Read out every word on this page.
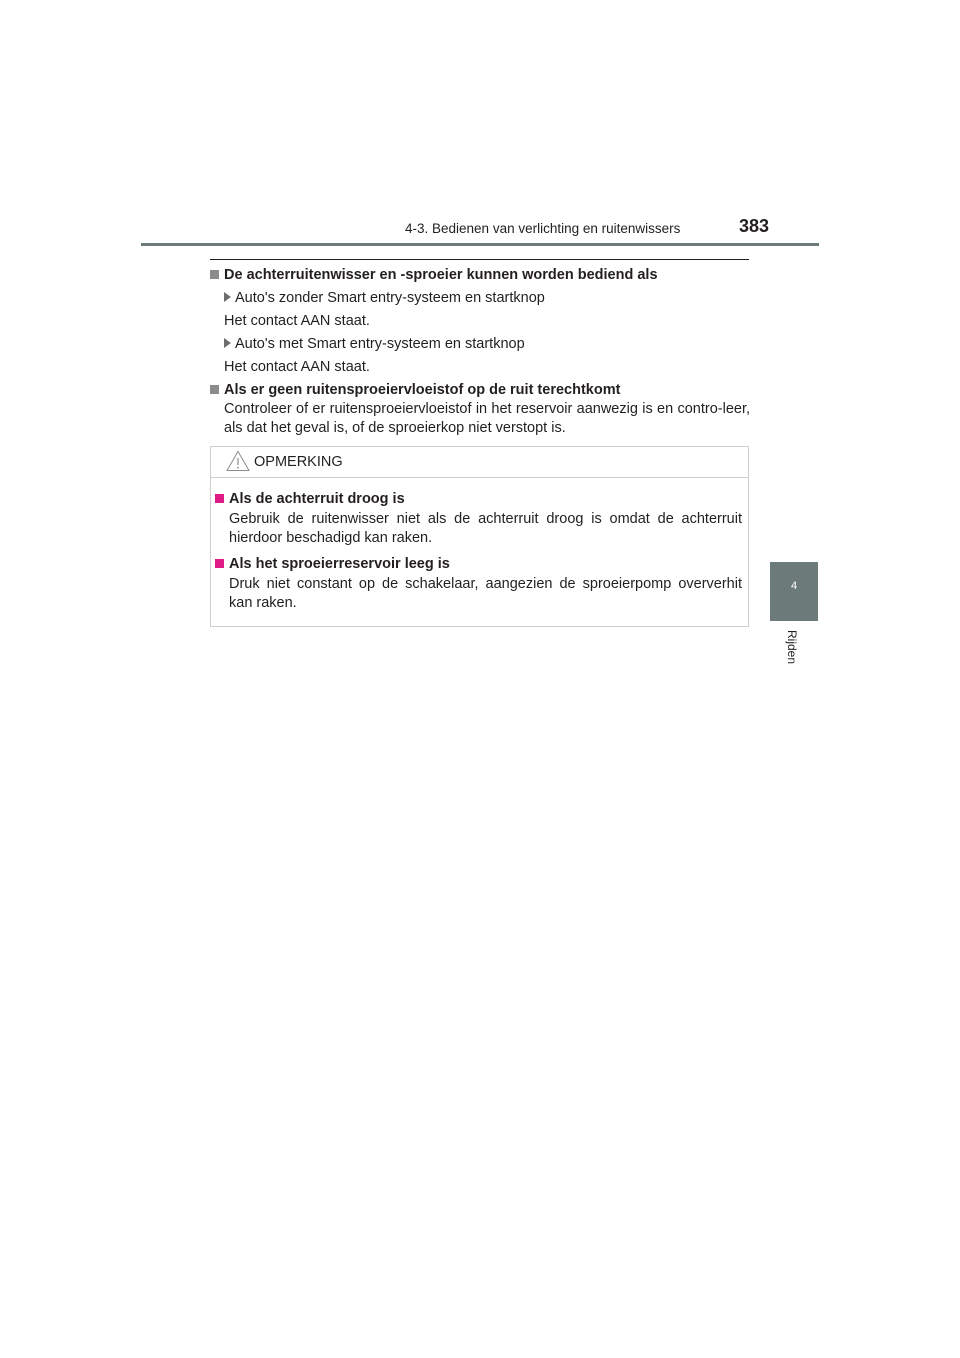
4-3. Bedienen van verlichting en ruitenwissers	383
4
Rijden
De achterruitenwisser en -sproeier kunnen worden bediend als
Auto's zonder Smart entry-systeem en startknop
Het contact AAN staat.
Auto's met Smart entry-systeem en startknop
Het contact AAN staat.
Als er geen ruitensproeiervloeistof op de ruit terechtkomt
Controleer of er ruitensproeiervloeistof in het reservoir aanwezig is en contro-leer, als dat het geval is, of de sproeierkop niet verstopt is.
OPMERKING
Als de achterruit droog is
Gebruik de ruitenwisser niet als de achterruit droog is omdat de achterruit hierdoor beschadigd kan raken.
Als het sproeierreservoir leeg is
Druk niet constant op de schakelaar, aangezien de sproeierpomp oververhit kan raken.
